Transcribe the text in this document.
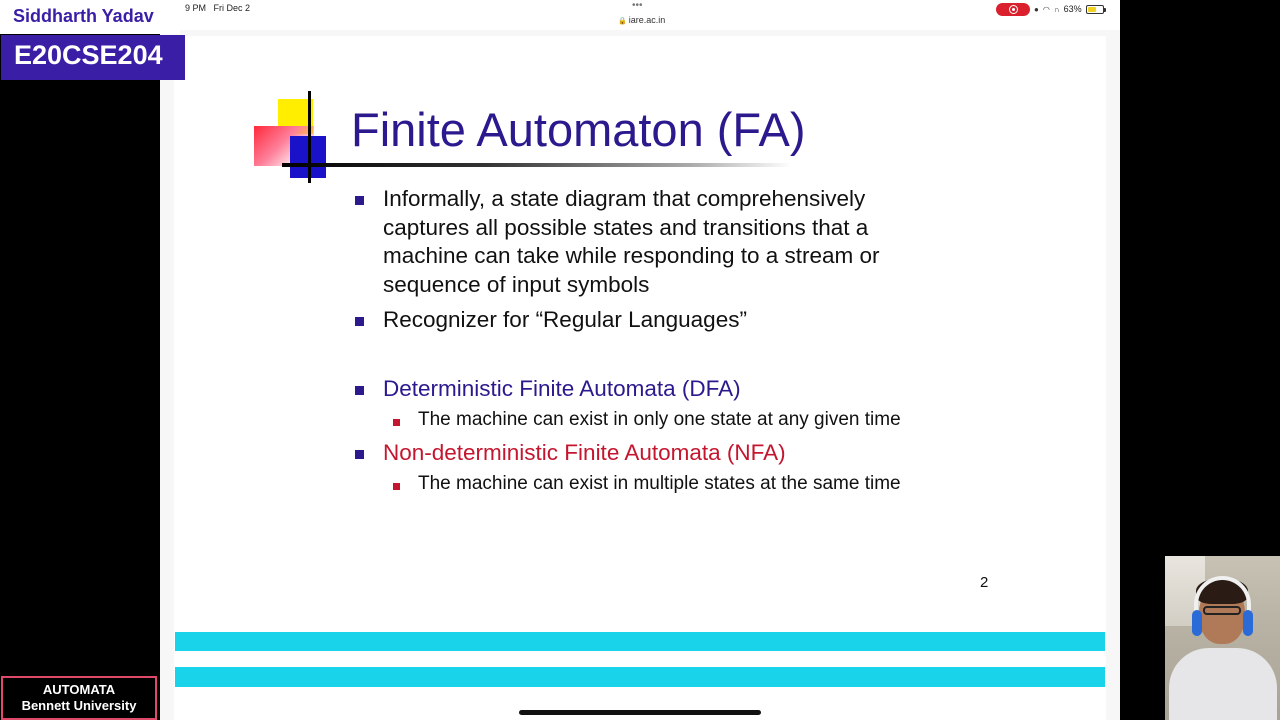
9 PM Fri Dec 2	•••
🔒 iare.ac.in
● ◠ ∩ 63%
Finite Automaton (FA)
Informally, a state diagram that comprehensively
captures all possible states and transitions that a
machine can take while responding to a stream or
sequence of input symbols
Recognizer for “Regular Languages”
Deterministic Finite Automata (DFA)
The machine can exist in only one state at any given time
Non-deterministic Finite Automata (NFA)
The machine can exist in multiple states at the same time
2
Siddharth Yadav
E20CSE204
AUTOMATA
Bennett University
